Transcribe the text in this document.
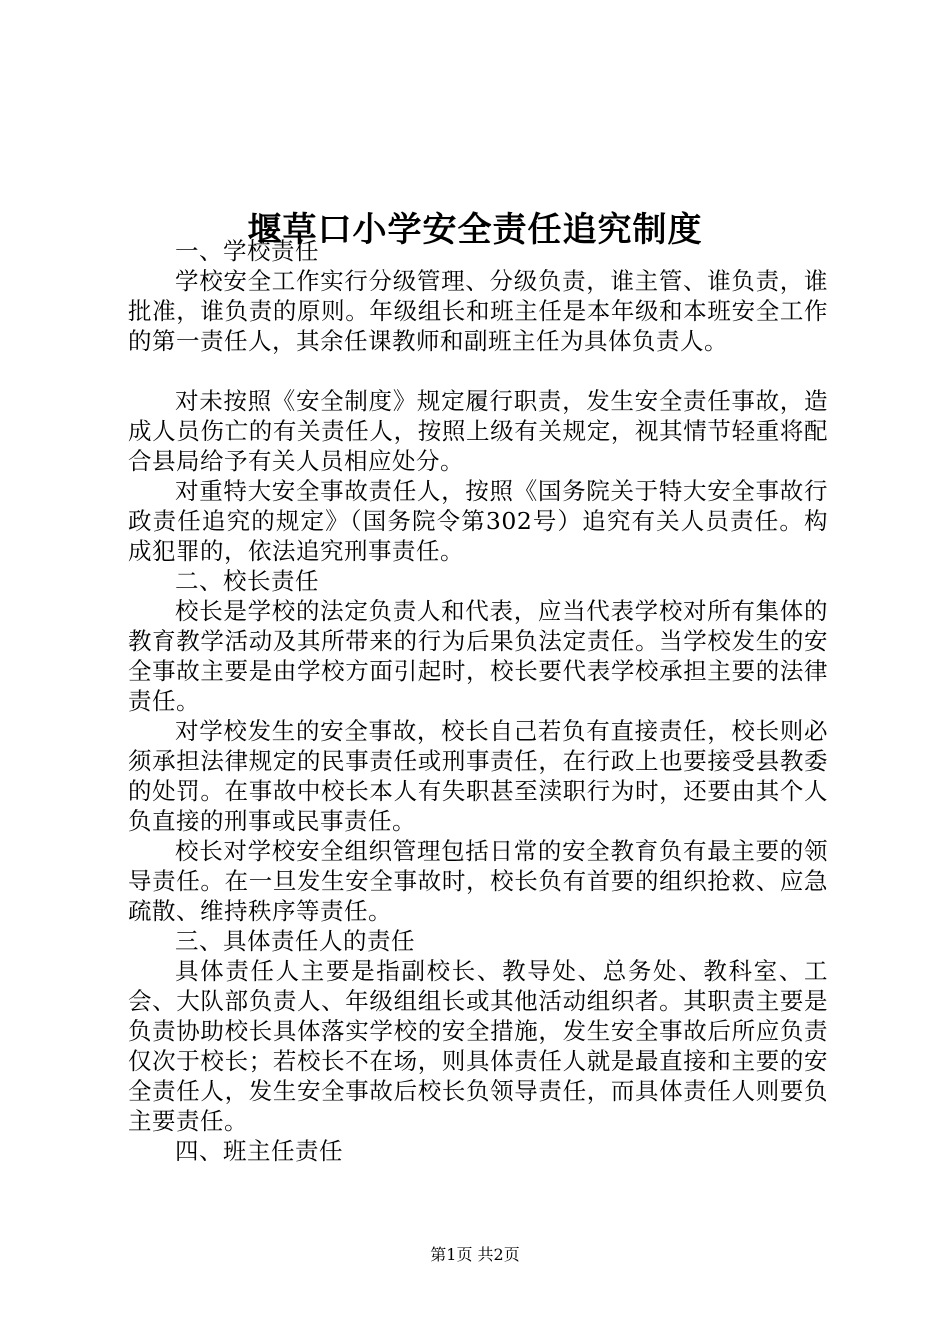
堰草口小学安全责任追究制度

一、学校责任

学校安全工作实行分级管理、分级负责，谁主管、谁负责，谁批准，谁负责的原则。年级组长和班主任是本年级和本班安全工作的第一责任人，其余任课教师和副班主任为具体负责人。

对未按照《安全制度》规定履行职责，发生安全责任事故，造成人员伤亡的有关责任人，按照上级有关规定，视其情节轻重将配合县局给予有关人员相应处分。

对重特大安全事故责任人，按照《国务院关于特大安全事故行政责任追究的规定》（国务院令第302号）追究有关人员责任。构成犯罪的，依法追究刑事责任。

二、校长责任

校长是学校的法定负责人和代表，应当代表学校对所有集体的教育教学活动及其所带来的行为后果负法定责任。当学校发生的安全事故主要是由学校方面引起时，校长要代表学校承担主要的法律责任。

对学校发生的安全事故，校长自己若负有直接责任，校长则必须承担法律规定的民事责任或刑事责任，在行政上也要接受县教委的处罚。在事故中校长本人有失职甚至渎职行为时，还要由其个人负直接的刑事或民事责任。

校长对学校安全组织管理包括日常的安全教育负有最主要的领导责任。在一旦发生安全事故时，校长负有首要的组织抢救、应急疏散、维持秩序等责任。

三、具体责任人的责任

具体责任人主要是指副校长、教导处、总务处、教科室、工会、大队部负责人、年级组组长或其他活动组织者。其职责主要是负责协助校长具体落实学校的安全措施，发生安全事故后所应负责仅次于校长；若校长不在场，则具体责任人就是最直接和主要的安全责任人，发生安全事故后校长负领导责任，而具体责任人则要负主要责任。

四、班主任责任

第1页 共2页
